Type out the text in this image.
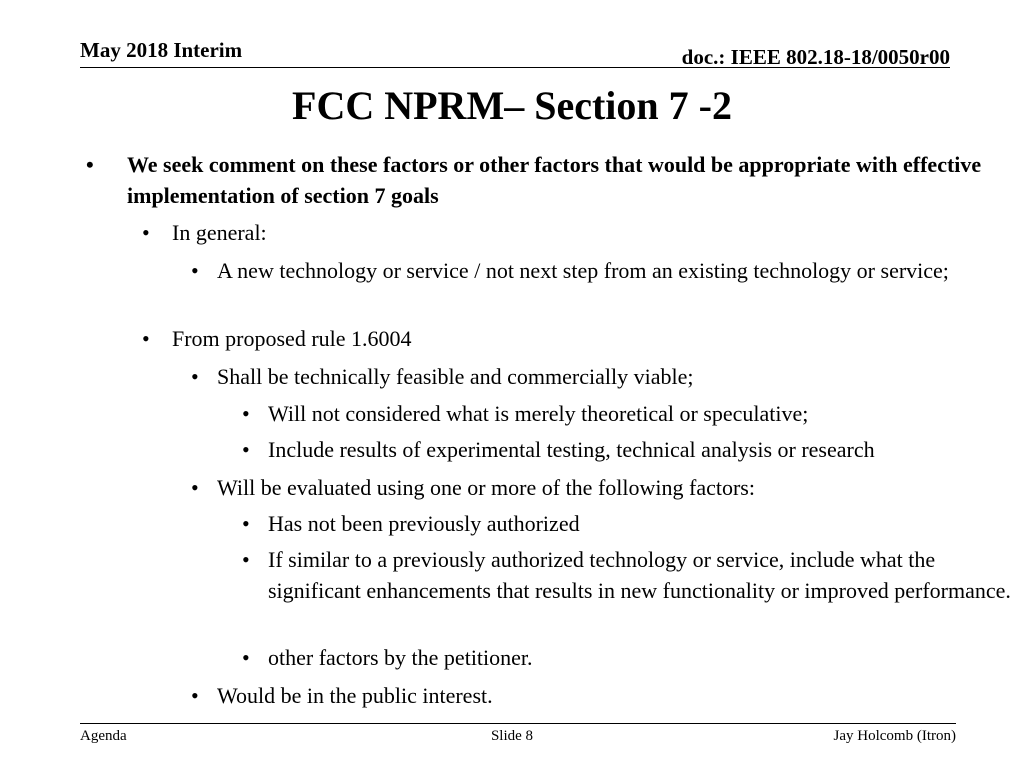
May 2018 Interim	doc.: IEEE 802.18-18/0050r00
FCC NPRM– Section 7 -2
• We seek comment on these factors or other factors that would be appropriate with effective implementation of section 7 goals
• In general:
• A new technology or service / not next step from an existing technology or service;
• From proposed rule 1.6004
• Shall be technically feasible and commercially viable;
• Will not considered what is merely theoretical or speculative;
• Include results of experimental testing, technical analysis or research
• Will be evaluated using one or more of the following factors:
• Has not been previously authorized
• If similar to a previously authorized technology or service, include what the significant enhancements that results in new functionality or improved performance.
• other factors by the petitioner.
• Would be in the public interest.
Agenda	Slide 8	Jay Holcomb (Itron)
